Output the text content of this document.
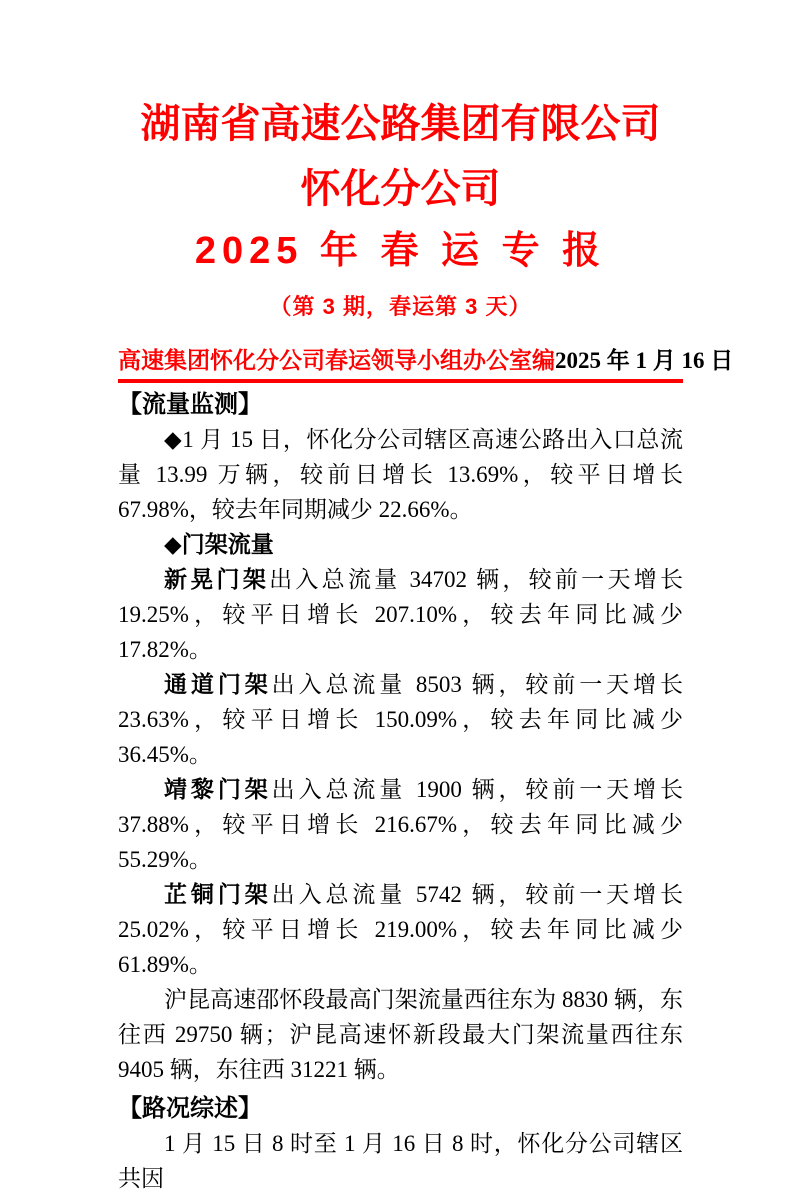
湖南省高速公路集团有限公司
怀化分公司
2025 年 春 运 专 报
（第 3 期，春运第 3 天）
高速集团怀化分公司春运领导小组办公室编 2025 年 1 月 16 日
【流量监测】

◆1 月 15 日，怀化分公司辖区高速公路出入口总流量 13.99 万辆，较前日增长 13.69%，较平日增长 67.98%，较去年同期减少 22.66%。

◆门架流量

新晃门架出入总流量 34702 辆，较前一天增长 19.25%，较平日增长 207.10%，较去年同比减少 17.82%。

通道门架出入总流量 8503 辆，较前一天增长 23.63%，较平日增长 150.09%，较去年同比减少 36.45%。

靖黎门架出入总流量 1900 辆，较前一天增长 37.88%，较平日增长 216.67%，较去年同比减少 55.29%。

芷铜门架出入总流量 5742 辆，较前一天增长 25.02%，较平日增长 219.00%，较去年同比减少 61.89%。

沪昆高速邵怀段最高门架流量西往东为 8830 辆，东往西 29750 辆；沪昆高速怀新段最大门架流量西往东 9405 辆，东往西 31221 辆。

【路况综述】

1 月 15 日 8 时至 1 月 16 日 8 时，怀化分公司辖区共因
